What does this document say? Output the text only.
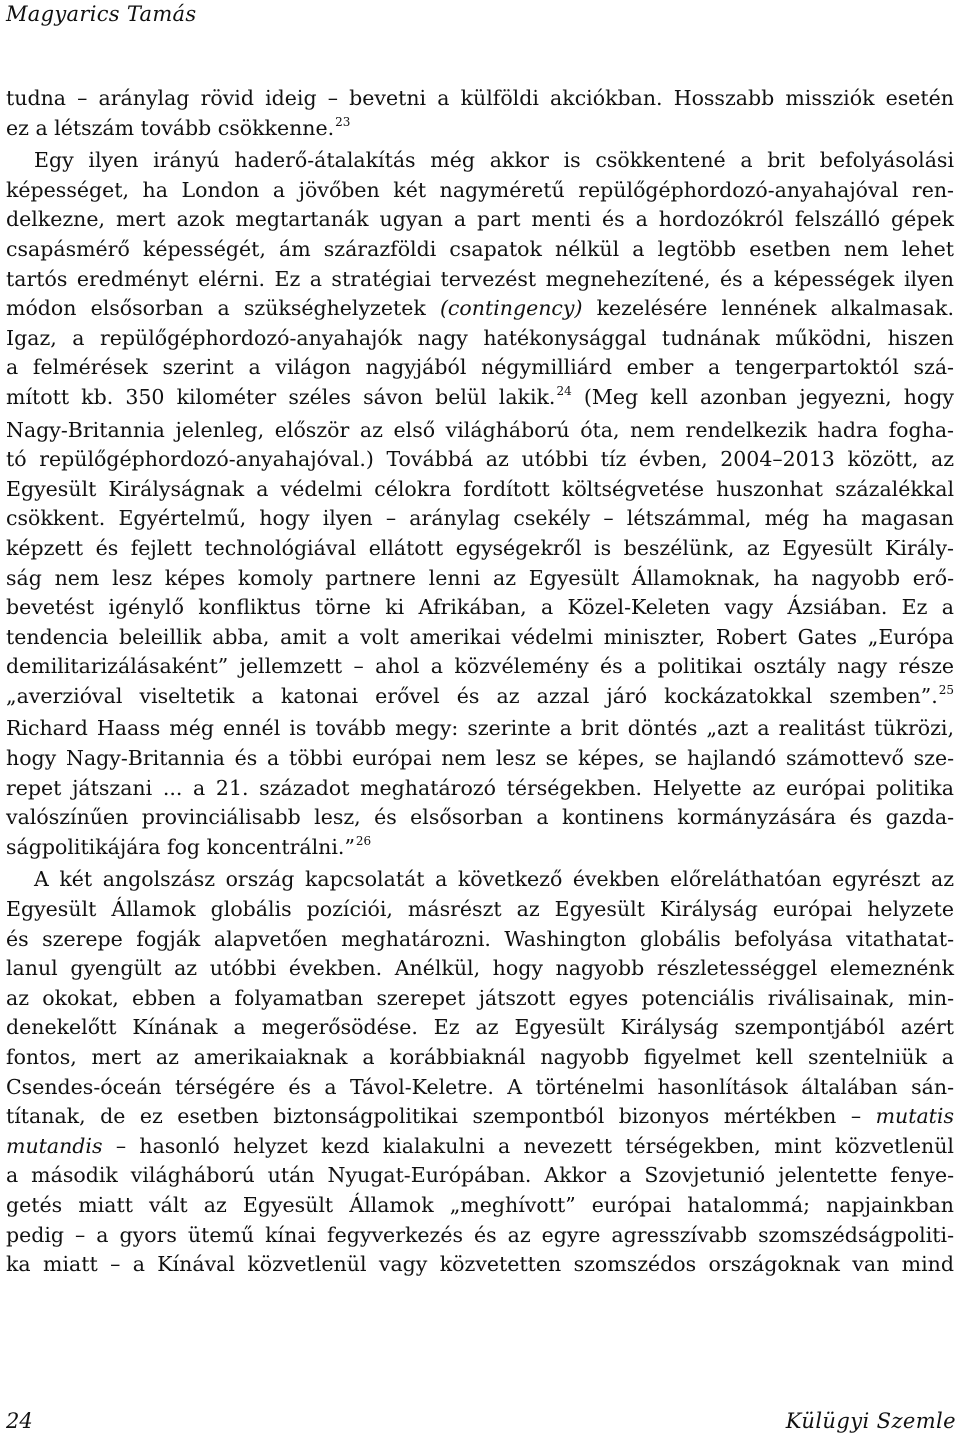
Magyarics Tamás
tudna – aránylag rövid ideig – bevetni a külföldi akciókban. Hosszabb missziók esetén
ez a létszám tovább csökkenne.$^{23}$
Egy ilyen irányú haderő-átalakítás még akkor is csökkentené a brit befolyásolási
képességet, ha London a jövőben két nagyméretű repülőgéphordozó-anyahajóval ren-
delkezne, mert azok megtartanák ugyan a part menti és a hordozókról felszálló gépek
csapásmérő képességét, ám szárazföldi csapatok nélkül a legtöbb esetben nem lehet
tartós eredményt elérni. Ez a stratégiai tervezést megnehezítené, és a képességek ilyen
módon elsősorban a szükséghelyzetek (contingency) kezelésére lennének alkalmasak.
Igaz, a repülőgéphordozó-anyahajók nagy hatékonysággal tudnának működni, hiszen
a felmérések szerint a világon nagyjából négymilliárd ember a tengerpartoktól szá-
mított kb. 350 kilométer széles sávon belül lakik.$^{24}$ (Meg kell azonban jegyezni, hogy
Nagy-Britannia jelenleg, először az első világháború óta, nem rendelkezik hadra fogha-
tó repülőgéphordozó-anyahajóval.) Továbbá az utóbbi tíz évben, 2004–2013 között, az
Egyesült Királyságnak a védelmi célokra fordított költségvetése huszonhat százalékkal
csökkent. Egyértelmű, hogy ilyen – aránylag csekély – létszámmal, még ha magasan
képzett és fejlett technológiával ellátott egységekről is beszélünk, az Egyesült Király-
ság nem lesz képes komoly partnere lenni az Egyesült Államoknak, ha nagyobb erő-
bevetést igénylő konfliktus törne ki Afrikában, a Közel-Keleten vagy Ázsiában. Ez a
tendencia beleillik abba, amit a volt amerikai védelmi miniszter, Robert Gates „Európa
demilitarizálásaként” jellemzett – ahol a közvélemény és a politikai osztály nagy része
„averzióval viseltetik a katonai erővel és az azzal járó kockázatokkal szemben”.$^{25}$
Richard Haass még ennél is tovább megy: szerinte a brit döntés „azt a realitást tükrözi,
hogy Nagy-Britannia és a többi európai nem lesz se képes, se hajlandó számottevő sze-
repet játszani ... a 21. századot meghatározó térségekben. Helyette az európai politika
valószínűen provinciálisabb lesz, és elsősorban a kontinens kormányzására és gazda-
ságpolitikájára fog koncentrálni.”$^{26}$
A két angolszász ország kapcsolatát a következő években előreláthatóan egyrészt az
Egyesült Államok globális pozíciói, másrészt az Egyesült Királyság európai helyzete
és szerepe fogják alapvetően meghatározni. Washington globális befolyása vitathatat-
lanul gyengült az utóbbi években. Anélkül, hogy nagyobb részletességgel elemeznénk
az okokat, ebben a folyamatban szerepet játszott egyes potenciális riválisainak, min-
denekelőtt Kínának a megerősödése. Ez az Egyesült Királyság szempontjából azért
fontos, mert az amerikaiaknak a korábbiaknál nagyobb figyelmet kell szentelniük a
Csendes-óceán térségére és a Távol-Keletre. A történelmi hasonlítások általában sán-
títanak, de ez esetben biztonságpolitikai szempontból bizonyos mértékben – mutatis
mutandis – hasonló helyzet kezd kialakulni a nevezett térségekben, mint közvetlenül
a második világháború után Nyugat-Európában. Akkor a Szovjetunió jelentette fenye-
getés miatt vált az Egyesült Államok „meghívott” európai hatalommá; napjainkban
pedig – a gyors ütemű kínai fegyverkezés és az egyre agresszívabb szomszédságpoliti-
ka miatt – a Kínával közvetlenül vagy közvetetten szomszédos országoknak van mind
24	Külügyi Szemle
